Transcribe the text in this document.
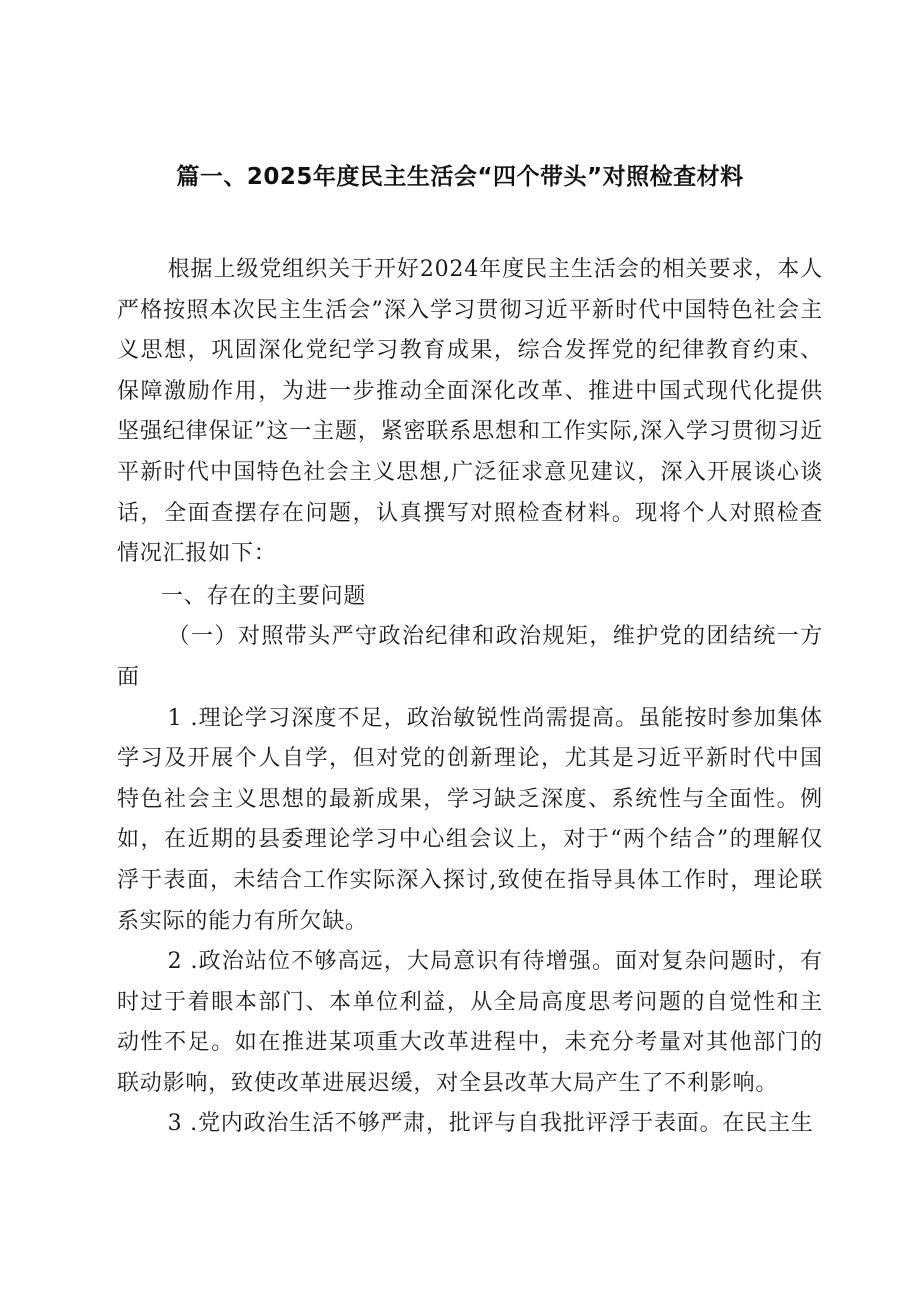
篇一、2025年度民主生活会“四个带头”对照检查材料

根据上级党组织关于开好2024年度民主生活会的相关要求，本人严格按照本次民主生活会”深入学习贯彻习近平新时代中国特色社会主义思想，巩固深化党纪学习教育成果，综合发挥党的纪律教育约束、保障激励作用，为进一步推动全面深化改革、推进中国式现代化提供坚强纪律保证”这一主题，紧密联系思想和工作实际,深入学习贯彻习近平新时代中国特色社会主义思想,广泛征求意见建议，深入开展谈心谈话，全面查摆存在问题，认真撰写对照检查材料。现将个人对照检查情况汇报如下：

一、存在的主要问题

（一）对照带头严守政治纪律和政治规矩，维护党的团结统一方面

1 .理论学习深度不足，政治敏锐性尚需提高。虽能按时参加集体学习及开展个人自学，但对党的创新理论，尤其是习近平新时代中国特色社会主义思想的最新成果，学习缺乏深度、系统性与全面性。例如，在近期的县委理论学习中心组会议上，对于“两个结合”的理解仅浮于表面，未结合工作实际深入探讨,致使在指导具体工作时，理论联系实际的能力有所欠缺。

2 .政治站位不够高远，大局意识有待增强。面对复杂问题时，有时过于着眼本部门、本单位利益，从全局高度思考问题的自觉性和主动性不足。如在推进某项重大改革进程中，未充分考量对其他部门的联动影响，致使改革进展迟缓，对全县改革大局产生了不利影响。

3 .党内政治生活不够严肃，批评与自我批评浮于表面。在民主生
